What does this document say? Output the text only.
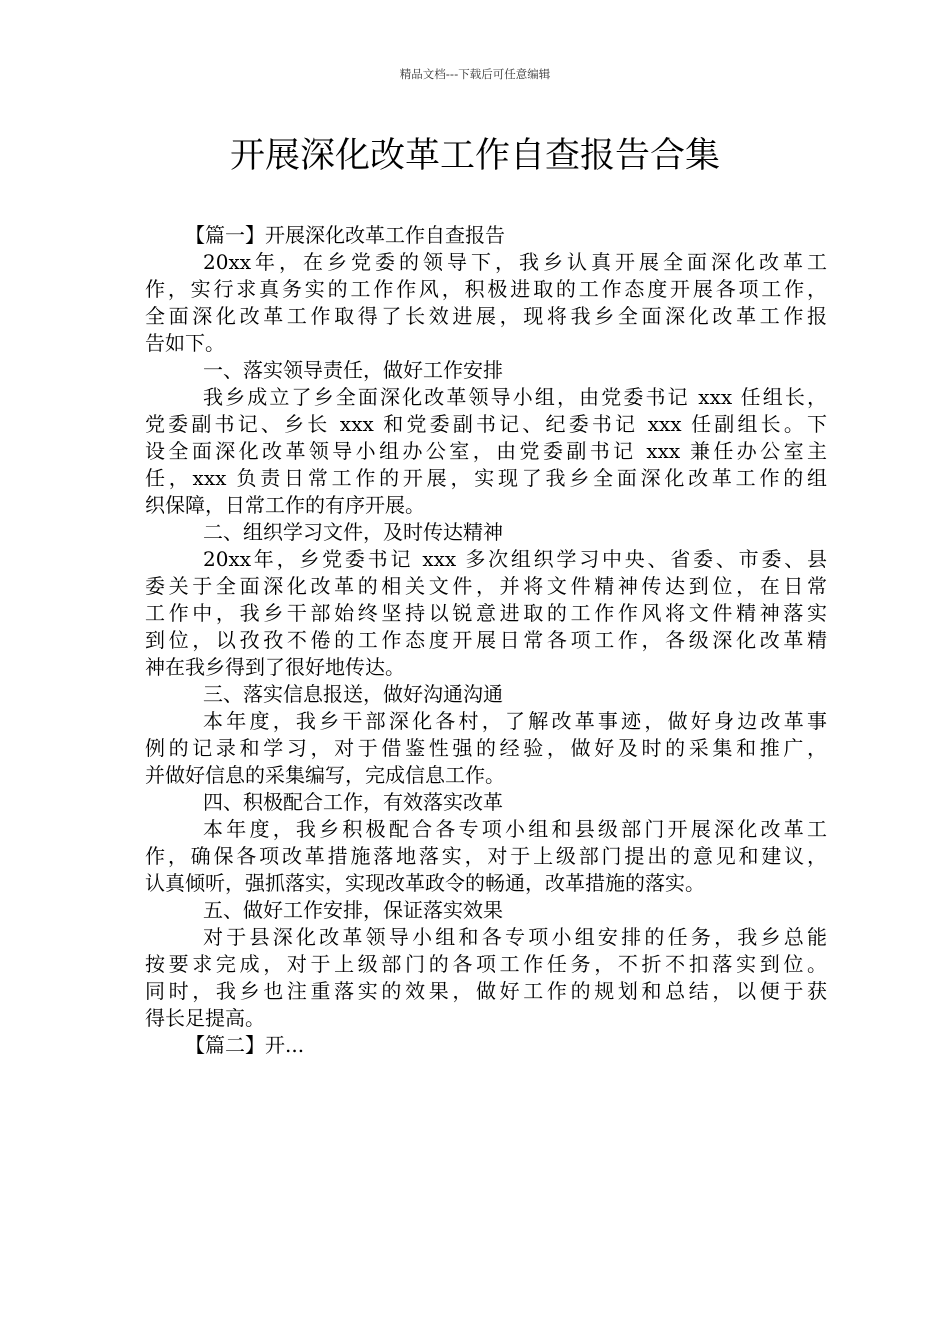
精品文档---下载后可任意编辑
开展深化改革工作自查报告合集

【篇一】开展深化改革工作自查报告

20xx年，在乡党委的领导下，我乡认真开展全面深化改革工
作，实行求真务实的工作作风，积极进取的工作态度开展各项工作，
全面深化改革工作取得了长效进展，现将我乡全面深化改革工作报
告如下。

一、落实领导责任，做好工作安排

我乡成立了乡全面深化改革领导小组，由党委书记 xxx 任组长，
党委副书记、乡长 xxx 和党委副书记、纪委书记 xxx 任副组长。下
设全面深化改革领导小组办公室，由党委副书记 xxx 兼任办公室主
任，xxx 负责日常工作的开展，实现了我乡全面深化改革工作的组
织保障，日常工作的有序开展。

二、组织学习文件，及时传达精神

20xx年，乡党委书记 xxx 多次组织学习中央、省委、市委、县
委关于全面深化改革的相关文件，并将文件精神传达到位，在日常
工作中，我乡干部始终坚持以锐意进取的工作作风将文件精神落实
到位，以孜孜不倦的工作态度开展日常各项工作，各级深化改革精
神在我乡得到了很好地传达。

三、落实信息报送，做好沟通沟通

本年度，我乡干部深化各村，了解改革事迹，做好身边改革事
例的记录和学习，对于借鉴性强的经验，做好及时的采集和推广，
并做好信息的采集编写，完成信息工作。

四、积极配合工作，有效落实改革

本年度，我乡积极配合各专项小组和县级部门开展深化改革工
作，确保各项改革措施落地落实，对于上级部门提出的意见和建议，
认真倾听，强抓落实，实现改革政令的畅通，改革措施的落实。

五、做好工作安排，保证落实效果

对于县深化改革领导小组和各专项小组安排的任务，我乡总能
按要求完成，对于上级部门的各项工作任务，不折不扣落实到位。
同时，我乡也注重落实的效果，做好工作的规划和总结，以便于获
得长足提高。

【篇二】开...
